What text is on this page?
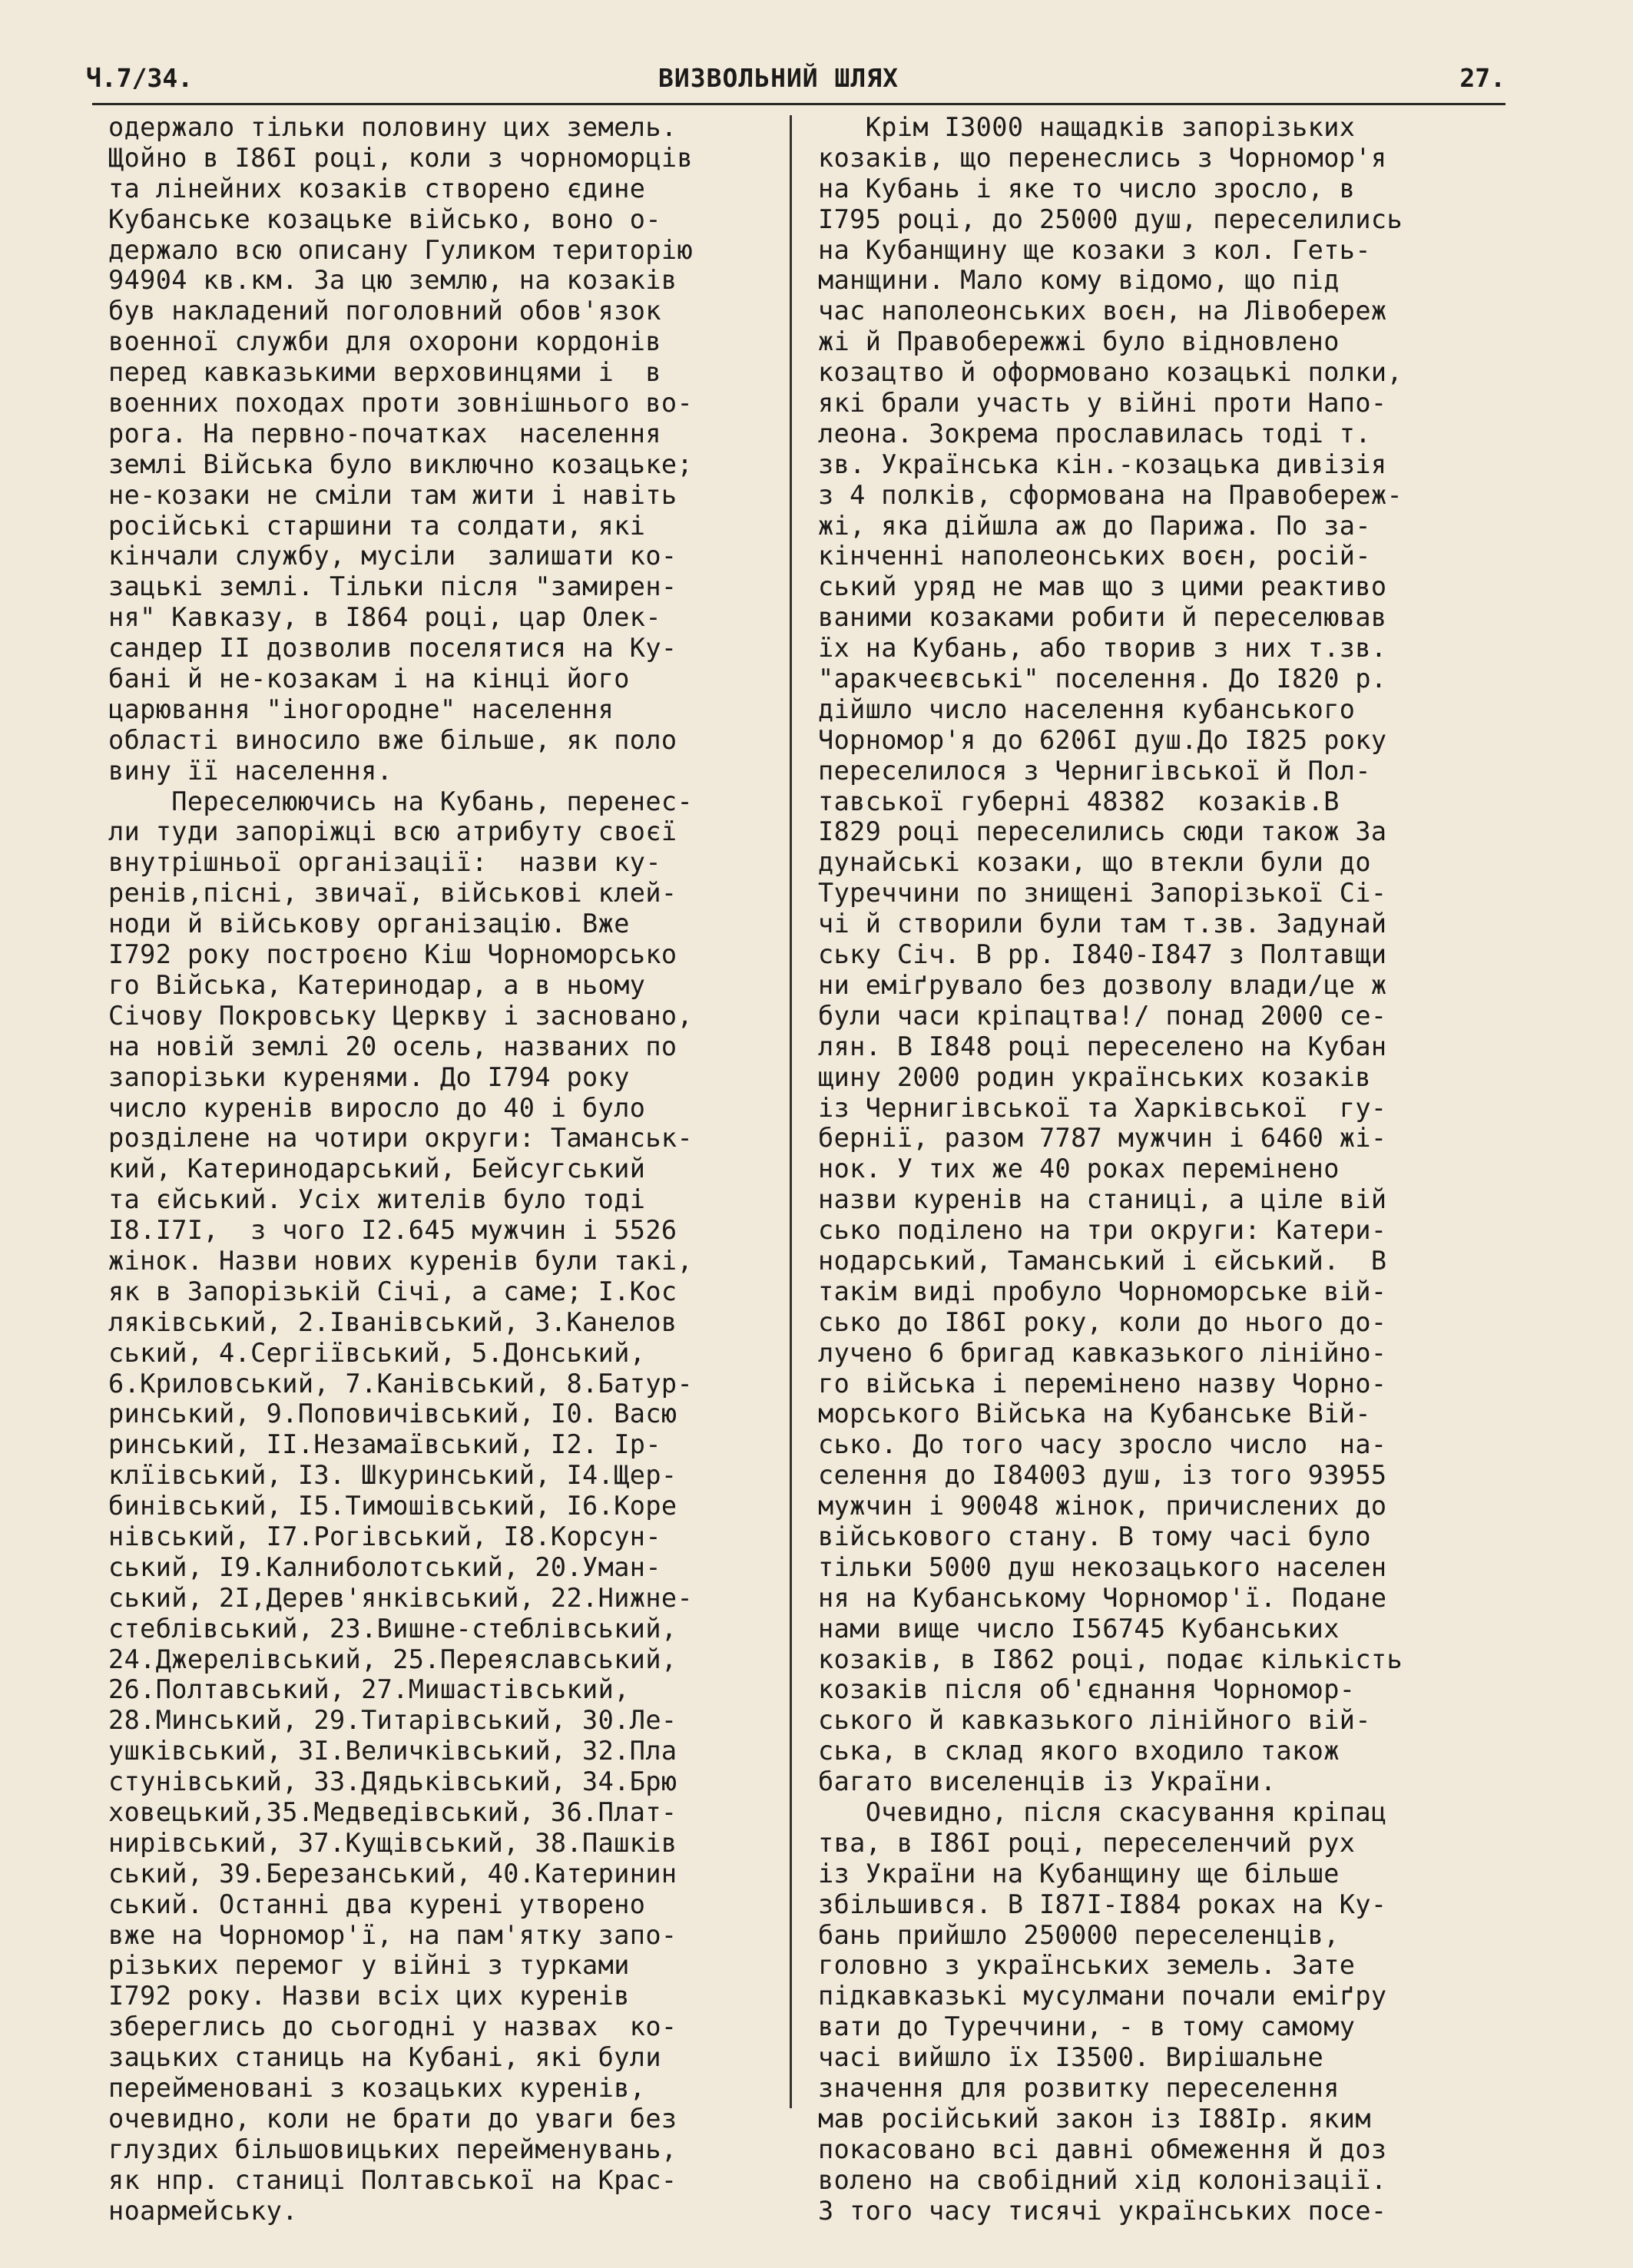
Ч.7/34.	ВИЗВОЛЬНИЙ ШЛЯХ	27.
одержало тільки половину цих земель.
Щойно в I86I році, коли з чорноморців
та лінейних козаків створено єдине
Кубанське козацьке військо, воно о-
держало всю описану Гуликом територію
94904 кв.км. За цю землю, на козаків
був накладений поголовний обов'язок
военної служби для охорони кордонів
перед кавказькими верховинцями і  в
военних походах проти зовнішнього во-
рога. На первно-початках  населення
землі Війська було виключно козацьке;
не-козаки не сміли там жити і навіть
російські старшини та солдати, які
кінчали службу, мусіли  залишати ко-
зацькі землі. Тільки після "замирен-
ня" Кавказу, в I864 році, цар Олек-
сандер II дозволив поселятися на Ку-
бані й не-козакам і на кінці його
царювання "іногородне" населення
області виносило вже більше, як поло
вину її населення.
Переселюючись на Кубань, перенес-
ли туди запоріжці всю атрибуту своєї
внутрішньої організації:  назви ку-
ренів,пісні, звичаї, військові клей-
ноди й військову організацію. Вже
I792 року построєно Кіш Чорноморсько
го Війська, Катеринодар, а в ньому
Січову Покровську Церкву і засновано,
на новій землі 20 осель, названих по
запорізьки куренями. До I794 року
число куренів виросло до 40 і було
розділене на чотири округи: Таманськ-
кий, Катеринодарський, Бейсугський
та єйський. Усіх жителів було тоді
I8.I7I,  з чого I2.645 мужчин і 5526
жінок. Назви нових куренів були такі,
як в Запорізькій Січі, а саме; I.Кос
ляківський, 2.Іванівський, 3.Канелов
ський, 4.Сергіївський, 5.Донський,
6.Криловський, 7.Канівський, 8.Батур-
ринський, 9.Поповичівський, I0. Васю
ринський, II.Незамаївський, I2. Ір-
клїівський, I3. Шкуринський, I4.Щер-
бинівський, I5.Тимошівський, I6.Коре
нівський, I7.Рогівський, I8.Корсун-
ський, I9.Калниболотський, 20.Уман-
ський, 2I,Дерев'янківський, 22.Нижне-
стеблівський, 23.Вишне-стеблівський,
24.Джерелівський, 25.Переяславський,
26.Полтавський, 27.Мишастівський,
28.Минський, 29.Титарівський, 30.Ле-
ушківський, 3I.Величківський, 32.Пла
стунівський, 33.Дядьківський, 34.Брю
ховецький,35.Медведівський, 36.Плат-
нирівський, 37.Кущівський, 38.Пашків
ський, 39.Березанський, 40.Катеринин
ський. Останні два курені утворено
вже на Чорномор'ї, на пам'ятку запо-
різьких перемог у війні з турками
I792 року. Назви всіх цих куренів
збереглись до сьогодні у назвах  ко-
зацьких станиць на Кубані, які були
перейменовані з козацьких куренів,
очевидно, коли не брати до уваги без
глуздих більшовицьких перейменувань,
як нпр. станиці Полтавської на Крас-
ноармейську.
Крім I3000 нащадків запорізьких
козаків, що перенеслись з Чорномор'я
на Кубань і яке то число зросло, в
I795 році, до 25000 душ, переселились
на Кубанщину ще козаки з кол. Геть-
манщини. Мало кому відомо, що під
час наполеонських воєн, на Лівобереж
жі й Правобережжі було відновлено
козацтво й оформовано козацькі полки,
які брали участь у війні проти Напо-
леона. Зокрема прославилась тоді т.
зв. Українська кін.-козацька дивізія
з 4 полків, сформована на Правобереж-
жі, яка дійшла аж до Парижа. По за-
кінченні наполеонських воєн, росій-
ський уряд не мав що з цими реактиво
ваними козаками робити й переселював
їх на Кубань, або творив з них т.зв.
"аракчеєвські" поселення. До I820 р.
дійшло число населення кубанського
Чорномор'я до 6206I душ.До I825 року
переселилося з Чернигівської й Пол-
тавської губерні 48382  козаків.В
I829 році переселились сюди також За
дунайські козаки, що втекли були до
Туреччини по знищені Запорізької Сі-
чі й створили були там т.зв. Задунай
ську Січ. В рр. I840-I847 з Полтавщи
ни еміґрувало без дозволу влади/це ж
були часи кріпацтва!/ понад 2000 се-
лян. В I848 році переселено на Кубан
щину 2000 родин українських козаків
із Чернигівської та Харківської  гу-
бернії, разом 7787 мужчин і 6460 жі-
нок. У тих же 40 роках перемінено
назви куренів на станиці, а ціле вій
сько поділено на три округи: Катери-
нодарський, Таманський і єйський.  В
такім виді пробуло Чорноморське вій-
сько до I86I року, коли до нього до-
лучено 6 бригад кавказького лінійно-
го війська і перемінено назву Чорно-
морського Війська на Кубанське Вій-
сько. До того часу зросло число  на-
селення до I84003 душ, із того 93955
мужчин і 90048 жінок, причислених до
військового стану. В тому часі було
тільки 5000 душ некозацького населен
ня на Кубанському Чорномор'ї. Подане
нами вище число I56745 Кубанських
козаків, в I862 році, подає кількість
козаків після об'єднання Чорномор-
ського й кавказького лінійного вій-
ська, в склад якого входило також
багато виселенців із України.
Очевидно, після скасування кріпац
тва, в I86I році, переселенчий рух
із України на Кубанщину ще більше
збільшився. В I87I-I884 роках на Ку-
бань прийшло 250000 переселенців,
головно з українських земель. Зате
підкавказькі мусулмани почали еміґру
вати до Туреччини, - в тому самому
часі вийшло їх I3500. Вирішальне
значення для розвитку переселення
мав російський закон із I88Iр. яким
покасовано всі давні обмеження й доз
волено на свобідний хід колонізації.
З того часу тисячі українських посе-
